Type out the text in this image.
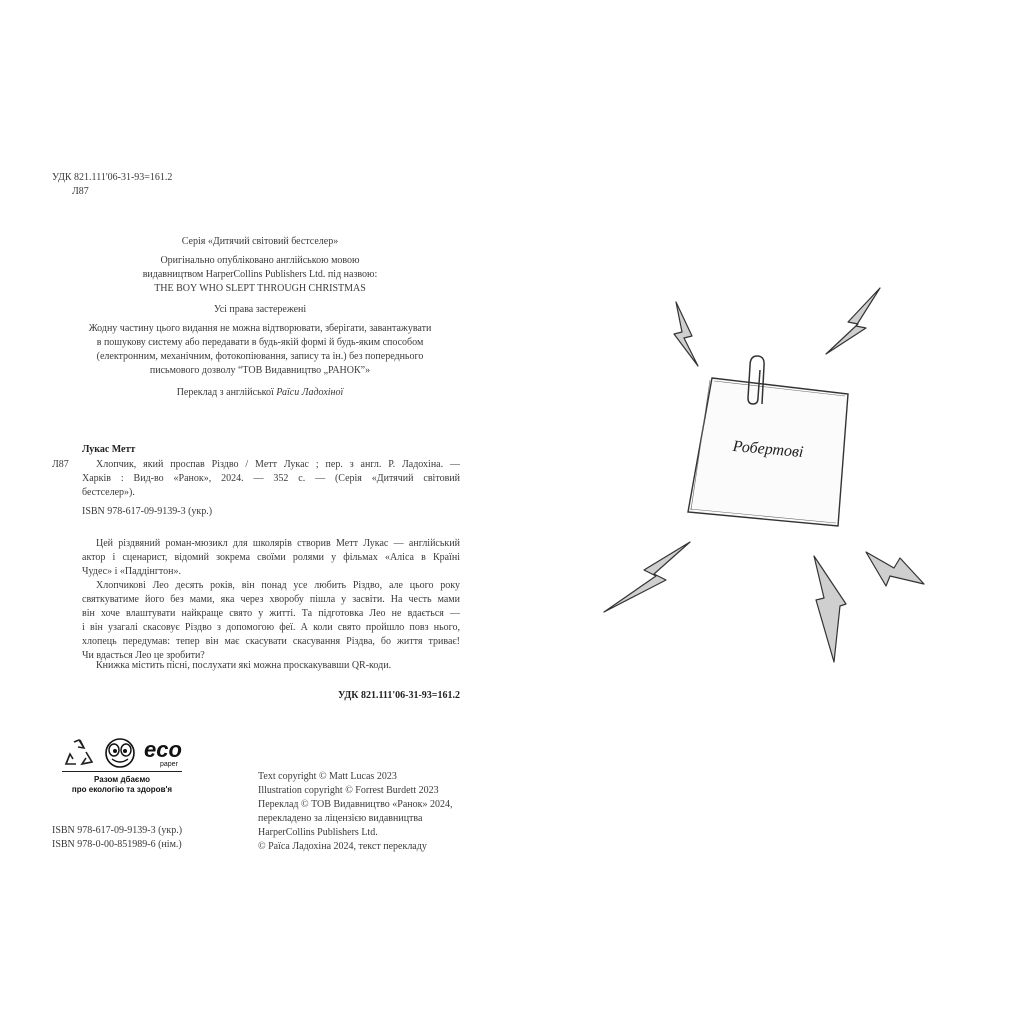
УДК 821.111'06-31-93=161.2
Л87
Серія «Дитячий світовий бестселер»
Оригінально опубліковано англійською мовою
видавництвом HarperCollins Publishers Ltd. під назвою:
THE BOY WHO SLEPT THROUGH CHRISTMAS
Усі права застережені
Жодну частину цього видання не можна відтворювати, зберігати, завантажувати
в пошукову систему або передавати в будь-якій формі й будь-яким способом
(електронним, механічним, фотокопіювання, запису та ін.) без попереднього
письмового дозволу “ТОВ Видавництво „РАНОК”»
Переклад з англійської Раїси Ладохіної
Лукас Метт
Л87	Хлопчик, який проспав Різдво / Метт Лукас ; пер. з англ. Р. Ладохіна. —
Харків : Вид-во «Ранок», 2024. — 352 с. — (Серія «Дитячий світовий
бестселер»).
ISBN 978-617-09-9139-3 (укр.)
Цей різдвяний роман-мюзикл для школярів створив Метт Лукас — англійський
актор і сценарист, відомий зокрема своїми ролями у фільмах «Аліса в Країні
Чудес» і «Паддінгтон».
Хлопчикові Лео десять років, він понад усе любить Різдво, але цього року
святкуватиме його без мами, яка через хворобу пішла у засвіти. На честь мами
він хоче влаштувати найкраще свято у житті. Та підготовка Лео не вдається —
і він узагалі скасовує Різдво з допомогою феї. А коли свято пройшло повз нього,
хлопець передумав: тепер він має скасувати скасування Різдва, бо життя триває!
Чи вдасться Лео це зробити?
Книжка містить пісні, послухати які можна проскакувавши QR-коди.
УДК 821.111'06-31-93=161.2
eco
paper
Разом дбаємо
про екологію та здоров'я
ISBN 978-617-09-9139-3 (укр.)
ISBN 978-0-00-851989-6 (нім.)
Text copyright © Matt Lucas 2023
Illustration copyright © Forrest Burdett 2023
Переклад © ТОВ Видавництво «Ранок» 2024,
перекладено за ліцензією видавництва
HarperCollins Publishers Ltd.
© Раїса Ладохіна 2024, текст перекладу
Робертові
